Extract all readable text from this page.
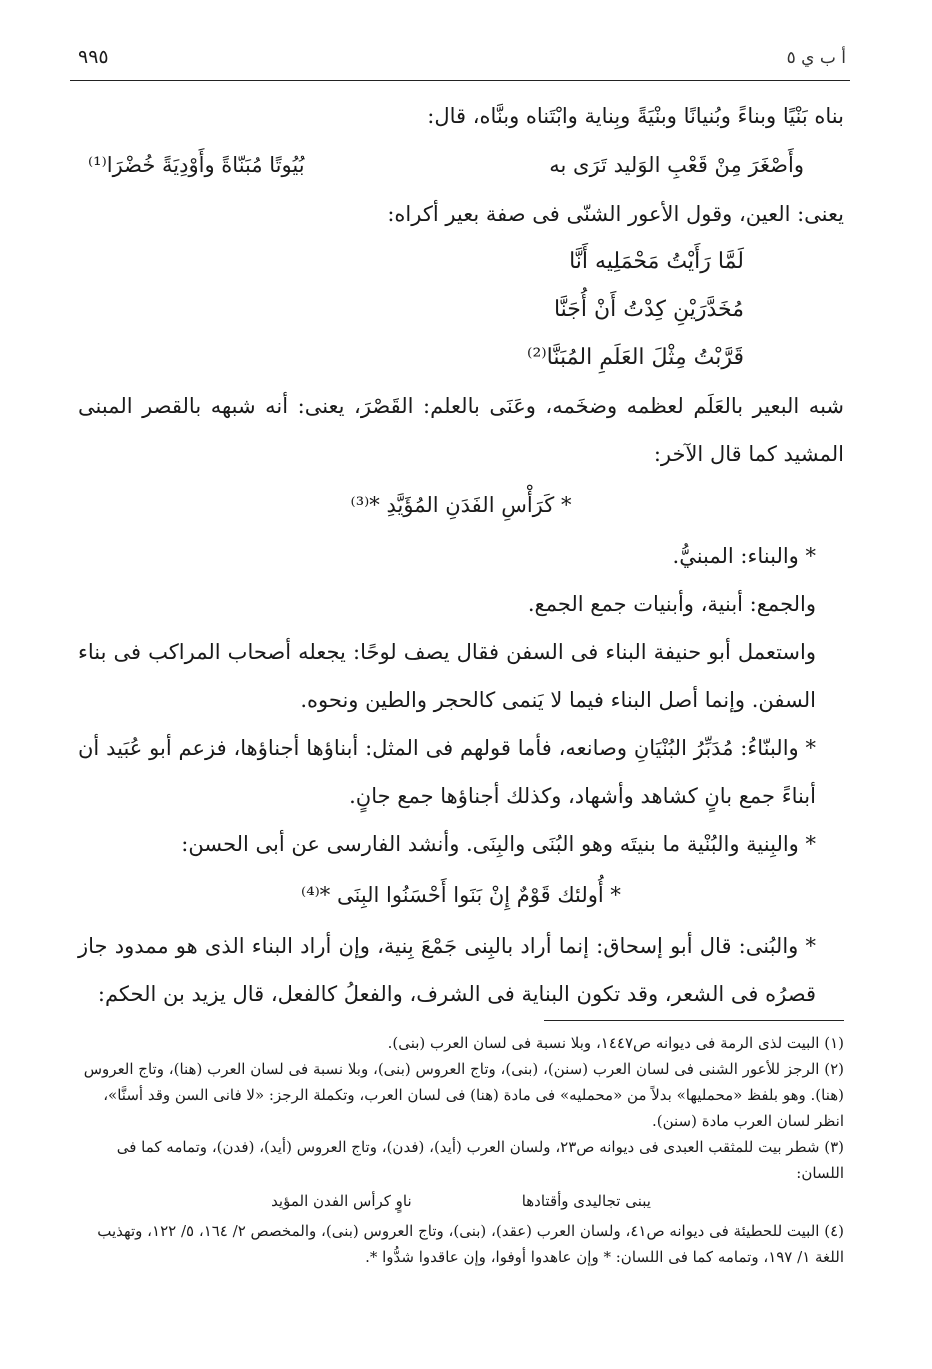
٩٩٥	أ ب ي ٥
بناه بَنْيًا وبناءً وبُنيانًا وبنْيَةً وبِناية وابْتَناه وبنَّاه، قال:
وأَصْغَرَ مِنْ قَعْبِ الوَليد تَرَى به
بُيُوتًا مُبَنّاةً وأَوْدِيَةً خُضْرَا⁽¹⁾
يعنى: العين، وقول الأعور الشنّى فى صفة بعير أكراه:
لَمَّا رَأَيْتُ مَحْمَلِيه أَنَّا
مُخَدَّرَيْنِ كِدْتُ أَنْ أُجَنَّا
قَرَّبْتُ مِثْلَ العَلَمِ المُبَنَّا⁽²⁾
شبه البعير بالعَلَم لعظمه وضخَمه، وعَنَى بالعلم: القَصْرَ، يعنى: أنه شبهه بالقصر المبنى المشيد كما قال الآخر:
* كَرَأْسِ الفَدَنِ المُؤَيَّدِ *⁽³⁾
* والبناء: المبنيُّ.
والجمع: أبنية، وأبنيات جمع الجمع.
واستعمل أبو حنيفة البناء فى السفن فقال يصف لوحًا: يجعله أصحاب المراكب فى بناء السفن. وإنما أصل البناء فيما لا يَنمى كالحجر والطين ونحوه.
* والبنّاءُ: مُدَبِّرُ البُنْيَانِ وصانعه، فأما قولهم فى المثل: أبناؤها أجناؤها، فزعم أبو عُبَيد أن أبناءً جمع بانٍ كشاهد وأشهاد، وكذلك أجناؤها جمع جانٍ.
* والبِنية والبُنْية ما بنيتَه وهو البُنَى والبِنَى. وأنشد الفارسى عن أبى الحسن:
* أُولئك قَوْمٌ إِنْ بَنَوا أَحْسَنُوا البِنَى *⁽⁴⁾
* والبُنى: قال أبو إسحاق: إنما أراد بالبِنى جَمْعَ بِنية، وإن أراد البناء الذى هو ممدود جاز قصرُه فى الشعر، وقد تكون البناية فى الشرف، والفعلُ كالفعل، قال يزيد بن الحكم:
(١) البيت لذى الرمة فى ديوانه ص١٤٤٧، وبلا نسبة فى لسان العرب (بنى).
(٢) الرجز للأعور الشنى فى لسان العرب (سنن)، (بنى)، وتاج العروس (بنى)، وبلا نسبة فى لسان العرب (هنا)، وتاج العروس (هنا). وهو بلفظ «محمليها» بدلاً من «محمليه» فى مادة (هنا) فى لسان العرب، وتكملة الرجز: «لا فانى السن وقد أسنَّا»، انظر لسان العرب مادة (سنن).
(٣) شطر بيت للمثقب العبدى فى ديوانه ص٢٣، ولسان العرب (أيد)، (فدن)، وتاج العروس (أيد)، (فدن)، وتمامه كما فى اللسان:
يبنى تجاليدى وأقتادها
ناوٍ كرأس الفدن المؤيد
(٤) البيت للحطيئة فى ديوانه ص٤١، ولسان العرب (عقد)، (بنى)، وتاج العروس (بنى)، والمخصص ٢/ ١٦٤، ٥/ ١٢٢، وتهذيب اللغة ١/ ١٩٧، وتمامه كما فى اللسان: * وإن عاهدوا أوفوا، وإن عاقدوا شدُّوا *.
